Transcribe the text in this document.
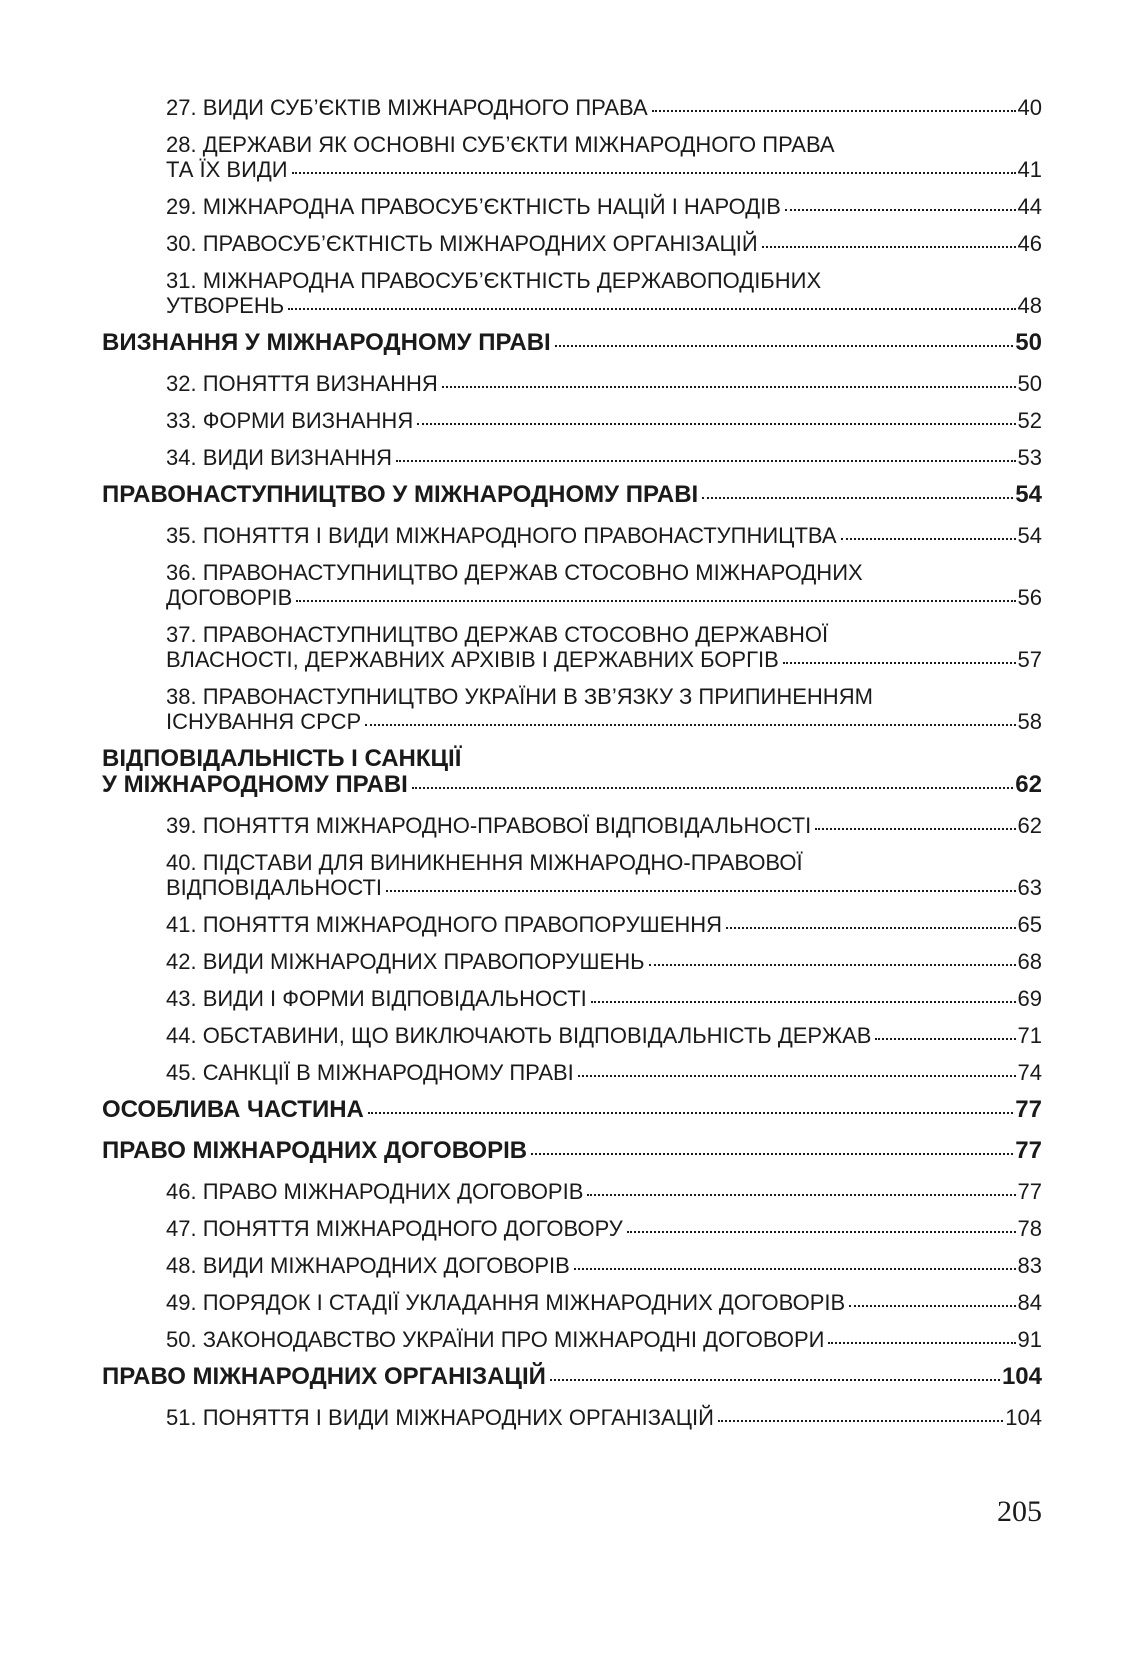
27. ВИДИ СУБ’ЄКТІВ МІЖНАРОДНОГО ПРАВА	40
28. ДЕРЖАВИ ЯК ОСНОВНІ СУБ’ЄКТИ МІЖНАРОДНОГО ПРАВА
ТА ЇХ ВИДИ	41
29. МІЖНАРОДНА ПРАВОСУБ’ЄКТНІСТЬ НАЦІЙ І НАРОДІВ	44
30. ПРАВОСУБ’ЄКТНІСТЬ МІЖНАРОДНИХ ОРГАНІЗАЦІЙ	46
31. МІЖНАРОДНА ПРАВОСУБ’ЄКТНІСТЬ ДЕРЖАВОПОДІБНИХ
УТВОРЕНЬ	48
ВИЗНАННЯ У МІЖНАРОДНОМУ ПРАВІ	50
32. ПОНЯТТЯ ВИЗНАННЯ	50
33. ФОРМИ ВИЗНАННЯ	52
34. ВИДИ ВИЗНАННЯ	53
ПРАВОНАСТУПНИЦТВО У МІЖНАРОДНОМУ ПРАВІ	54
35. ПОНЯТТЯ І ВИДИ МІЖНАРОДНОГО ПРАВОНАСТУПНИЦТВА	54
36. ПРАВОНАСТУПНИЦТВО ДЕРЖАВ СТОСОВНО МІЖНАРОДНИХ
ДОГОВОРІВ	56
37. ПРАВОНАСТУПНИЦТВО ДЕРЖАВ СТОСОВНО ДЕРЖАВНОЇ
ВЛАСНОСТІ, ДЕРЖАВНИХ АРХІВІВ І ДЕРЖАВНИХ БОРГІВ	57
38. ПРАВОНАСТУПНИЦТВО УКРАЇНИ В ЗВ’ЯЗКУ З ПРИПИНЕННЯМ
ІСНУВАННЯ СРСР	58
ВІДПОВІДАЛЬНІСТЬ І САНКЦІЇ
У МІЖНАРОДНОМУ ПРАВІ	62
39. ПОНЯТТЯ МІЖНАРОДНО-ПРАВОВОЇ ВІДПОВІДАЛЬНОСТІ	62
40. ПІДСТАВИ ДЛЯ ВИНИКНЕННЯ МІЖНАРОДНО-ПРАВОВОЇ
ВІДПОВІДАЛЬНОСТІ	63
41. ПОНЯТТЯ МІЖНАРОДНОГО ПРАВОПОРУШЕННЯ	65
42. ВИДИ МІЖНАРОДНИХ ПРАВОПОРУШЕНЬ	68
43. ВИДИ І ФОРМИ ВІДПОВІДАЛЬНОСТІ	69
44. ОБСТАВИНИ, ЩО ВИКЛЮЧАЮТЬ ВІДПОВІДАЛЬНІСТЬ ДЕРЖАВ	71
45. САНКЦІЇ В МІЖНАРОДНОМУ ПРАВІ	74
ОСОБЛИВА ЧАСТИНА	77
ПРАВО МІЖНАРОДНИХ ДОГОВОРІВ	77
46. ПРАВО МІЖНАРОДНИХ ДОГОВОРІВ	77
47. ПОНЯТТЯ МІЖНАРОДНОГО ДОГОВОРУ	78
48. ВИДИ МІЖНАРОДНИХ ДОГОВОРІВ	83
49. ПОРЯДОК І СТАДІЇ УКЛАДАННЯ МІЖНАРОДНИХ ДОГОВОРІВ	84
50. ЗАКОНОДАВСТВО УКРАЇНИ ПРО МІЖНАРОДНІ ДОГОВОРИ	91
ПРАВО МІЖНАРОДНИХ ОРГАНІЗАЦІЙ	104
51. ПОНЯТТЯ І ВИДИ МІЖНАРОДНИХ ОРГАНІЗАЦІЙ	104
205
